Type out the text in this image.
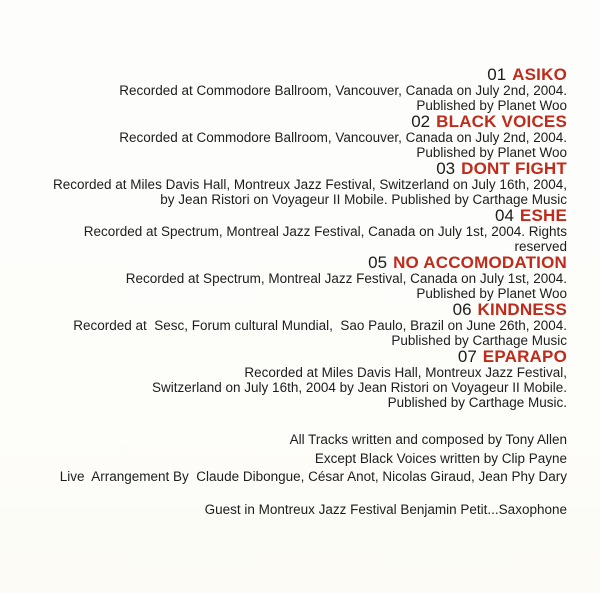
01 ASIKO
Recorded at Commodore Ballroom, Vancouver, Canada on July 2nd, 2004.
Published by Planet Woo
02 BLACK VOICES
Recorded at Commodore Ballroom, Vancouver, Canada on July 2nd, 2004.
Published by Planet Woo
03 DONT FIGHT
Recorded at Miles Davis Hall, Montreux Jazz Festival, Switzerland on July 16th, 2004,
by Jean Ristori on Voyageur II Mobile. Published by Carthage Music
04 ESHE
Recorded at Spectrum, Montreal Jazz Festival, Canada on July 1st, 2004. Rights reserved
05 NO ACCOMODATION
Recorded at Spectrum, Montreal Jazz Festival, Canada on July 1st, 2004.
Published by Planet Woo
06 KINDNESS
Recorded at  Sesc, Forum cultural Mundial,  Sao Paulo, Brazil on June 26th, 2004.
Published by Carthage Music
07 EPARAPO
Recorded at Miles Davis Hall, Montreux Jazz Festival,
Switzerland on July 16th, 2004 by Jean Ristori on Voyageur II Mobile.
Published by Carthage Music.
All Tracks written and composed by Tony Allen
Except Black Voices written by Clip Payne
Live  Arrangement By  Claude Dibongue, César Anot, Nicolas Giraud, Jean Phy Dary
Guest in Montreux Jazz Festival Benjamin Petit...Saxophone
